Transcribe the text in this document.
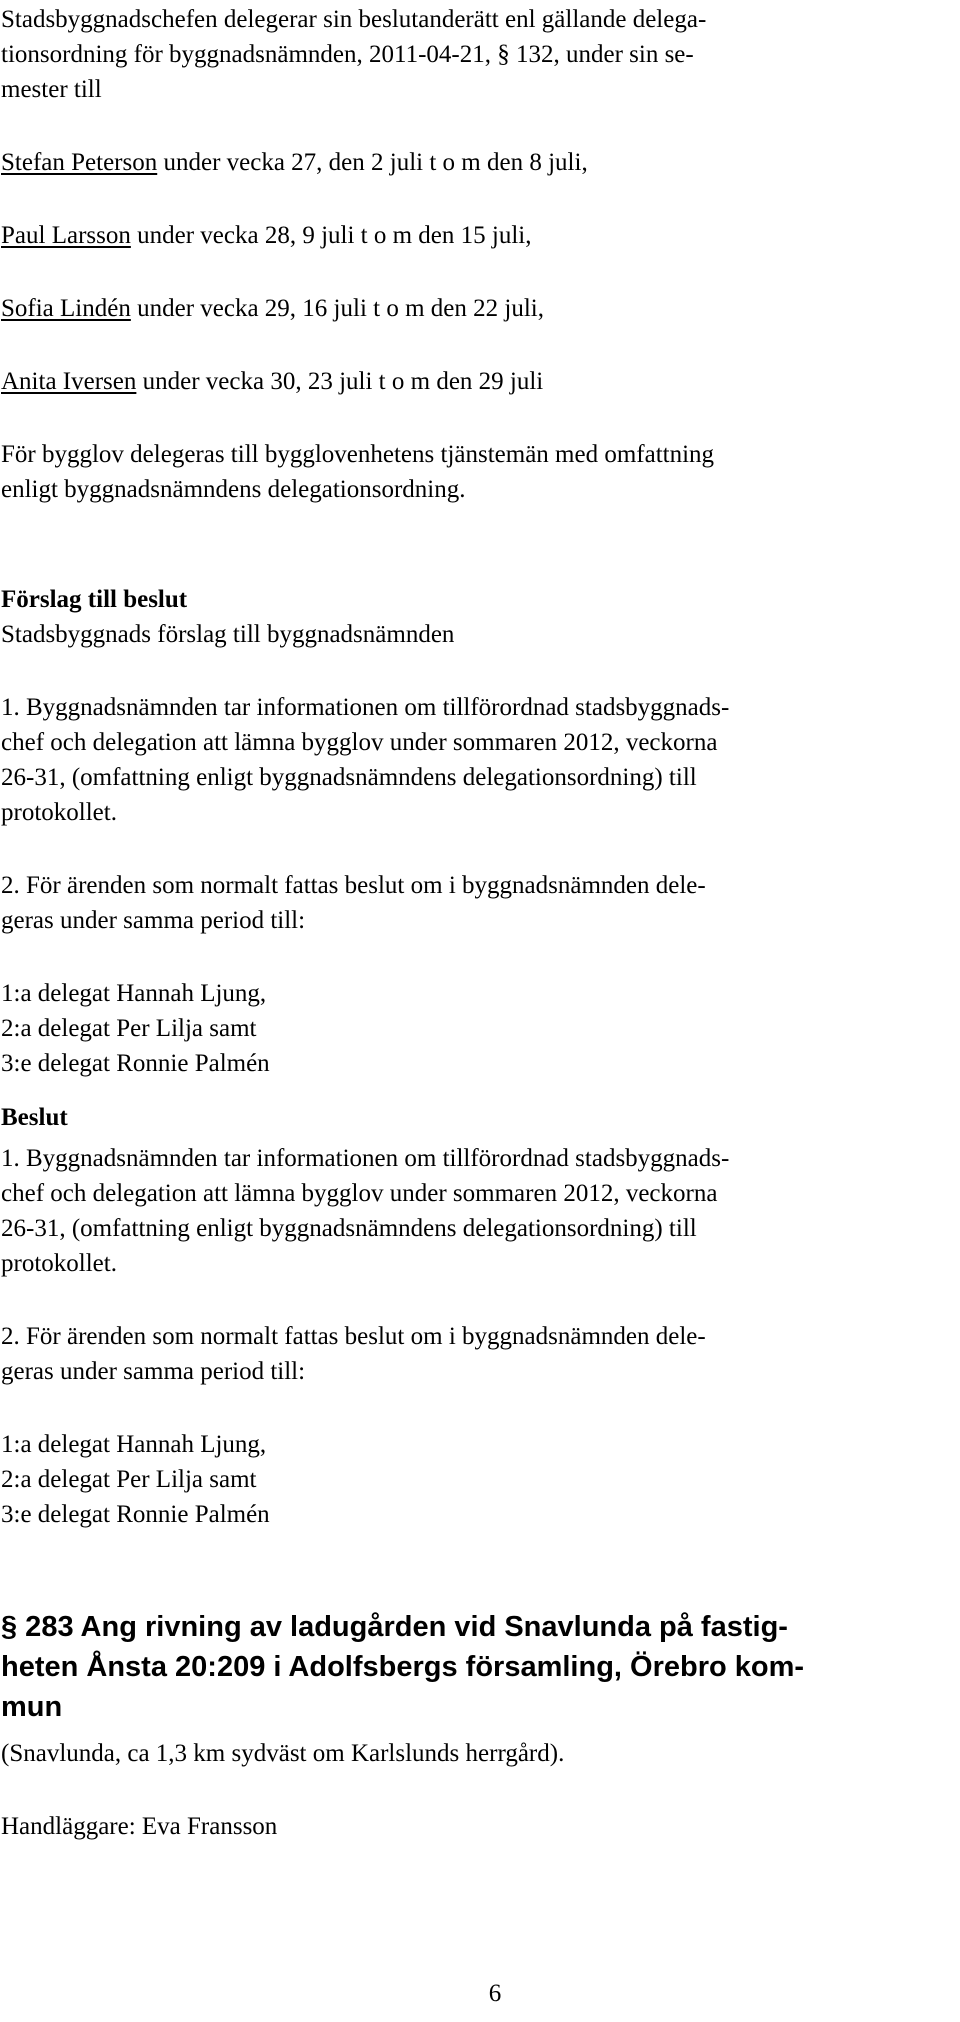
Stadsbyggnadschefen delegerar sin beslutanderätt enl gällande delega-

tionsordning för byggnadsnämnden, 2011-04-21, § 132, under sin se-

mester till

Stefan Peterson under vecka 27, den 2 juli t o m den 8 juli,

Paul Larsson under vecka 28, 9 juli t o m den 15 juli,

Sofia Lindén under vecka 29, 16 juli t o m den 22 juli,

Anita Iversen under vecka 30, 23 juli t o m den 29 juli

För bygglov delegeras till bygglovenhetens tjänstemän med omfattning

enligt byggnadsnämndens delegationsordning.

Förslag till beslut

Stadsbyggnads förslag till byggnadsnämnden

1. Byggnadsnämnden tar informationen om tillförordnad stadsbyggnads-

chef och delegation att lämna bygglov under sommaren 2012, veckorna

26-31, (omfattning enligt byggnadsnämndens delegationsordning) till

protokollet.

2. För ärenden som normalt fattas beslut om i byggnadsnämnden dele-

geras under samma period till:

1:a delegat Hannah Ljung,

2:a delegat Per Lilja samt

3:e delegat Ronnie Palmén

Beslut

1. Byggnadsnämnden tar informationen om tillförordnad stadsbyggnads-

chef och delegation att lämna bygglov under sommaren 2012, veckorna

26-31, (omfattning enligt byggnadsnämndens delegationsordning) till

protokollet.

2. För ärenden som normalt fattas beslut om i byggnadsnämnden dele-

geras under samma period till:

1:a delegat Hannah Ljung,

2:a delegat Per Lilja samt

3:e delegat Ronnie Palmén

§ 283 Ang rivning av ladugården vid Snavlunda på fastig-

heten Ånsta 20:209 i Adolfsbergs församling, Örebro kom-

mun

(Snavlunda, ca 1,3 km sydväst om Karlslunds herrgård).

Handläggare: Eva Fransson

6
